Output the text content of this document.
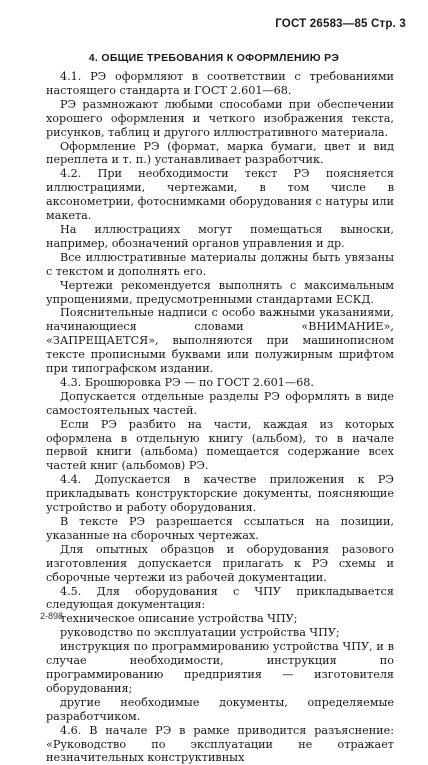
ГОСТ 26583—85 Стр. 3
4. ОБЩИЕ ТРЕБОВАНИЯ К ОФОРМЛЕНИЮ РЭ

4.1. РЭ оформляют в соответствии с требованиями настоящего стандарта и ГОСТ 2.601—68.

РЭ размножают любыми способами при обеспечении хорошего оформления и четкого изображения текста, рисунков, таблиц и другого иллюстративного материала.

Оформление РЭ (формат, марка бумаги, цвет и вид переплета и т. п.) устанавливает разработчик.

4.2. При необходимости текст РЭ поясняется иллюстрациями, чертежами, в том числе в аксонометрии, фотоснимками оборудования с натуры или макета.

На иллюстрациях могут помещаться выноски, например, обозначений органов управления и др.

Все иллюстративные материалы должны быть увязаны с текстом и дополнять его.

Чертежи рекомендуется выполнять с максимальным упрощениями, предусмотренными стандартами ЕСКД.

Пояснительные надписи с особо важными указаниями, начинающиеся словами «ВНИМАНИЕ», «ЗАПРЕЩАЕТСЯ», выполняются при машинописном тексте прописными буквами или полужирным шрифтом при типографском издании.

4.3. Брошюровка РЭ — по ГОСТ 2.601—68.

Допускается отдельные разделы РЭ оформлять в виде самостоятельных частей.

Если РЭ разбито на части, каждая из которых оформлена в отдельную книгу (альбом), то в начале первой книги (альбома) помещается содержание всех частей книг (альбомов) РЭ.

4.4. Допускается в качестве приложения к РЭ прикладывать конструкторские документы, поясняющие устройство и работу оборудования.

В тексте РЭ разрешается ссылаться на позиции, указанные на сборочных чертежах.

Для опытных образцов и оборудования разового изготовления допускается прилагать к РЭ схемы и сборочные чертежи из рабочей документации.

4.5. Для оборудования с ЧПУ прикладывается следующая документация:

техническое описание устройства ЧПУ;

руководство по эксплуатации устройства ЧПУ;

инструкция по программированию устройства ЧПУ, и в случае необходимости, инструкция по программированию предприятия — изготовителя оборудования;

другие необходимые документы, определяемые разработчиком.

4.6. В начале РЭ в рамке приводится разъяснение: «Руководство по эксплуатации не отражает незначительных конструктивных

2-898
